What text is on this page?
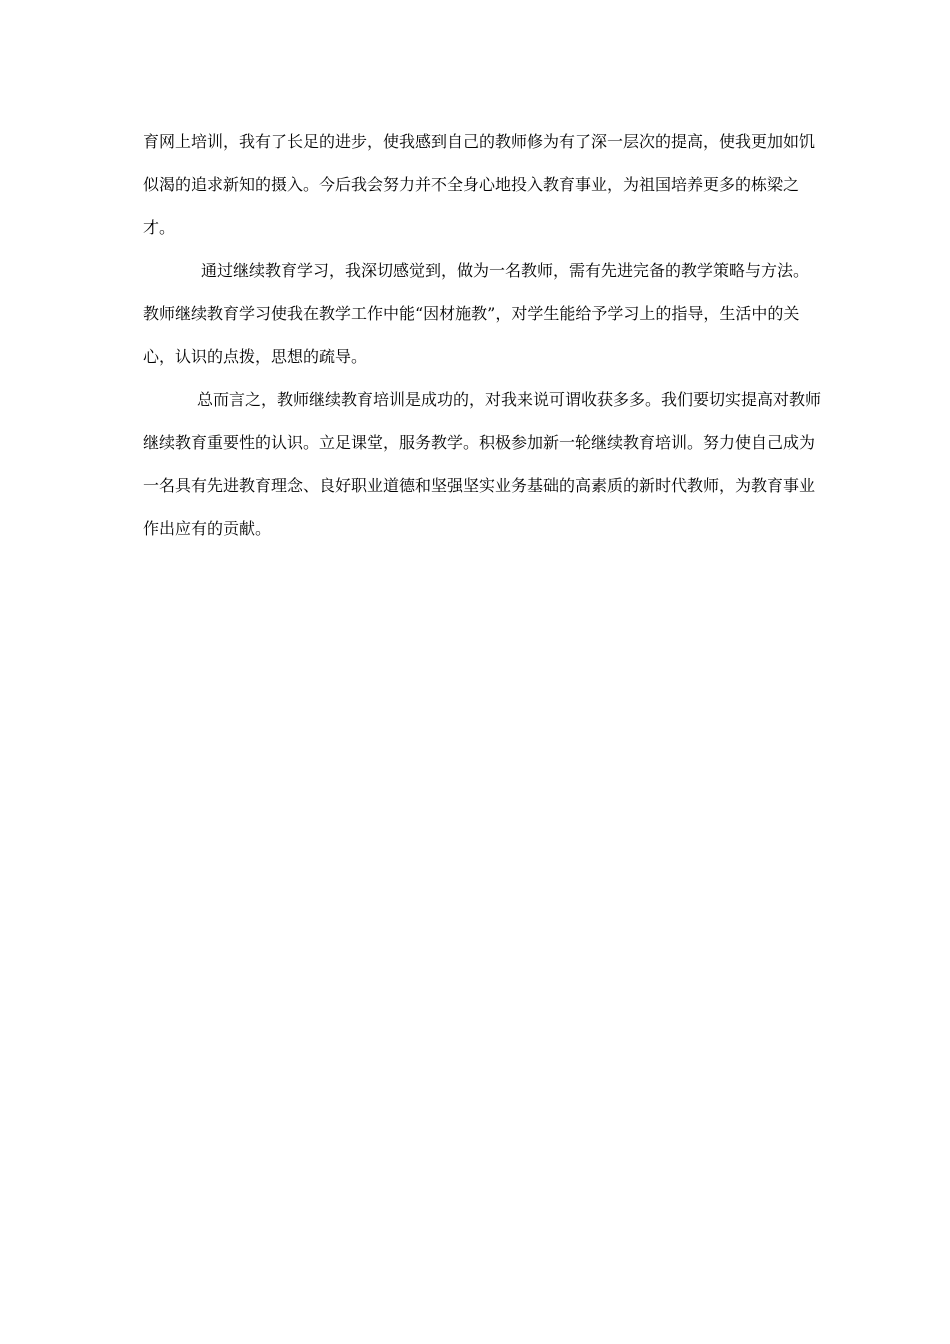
育网上培训，我有了长足的进步，使我感到自己的教师修为有了深一层次的提高，使我更加如饥似渴的追求新知的摄入。今后我会努力并不全身心地投入教育事业，为祖国培养更多的栋梁之才。

通过继续教育学习，我深切感觉到，做为一名教师，需有先进完备的教学策略与方法。教师继续教育学习使我在教学工作中能“因材施教”，对学生能给予学习上的指导，生活中的关心，认识的点拨，思想的疏导。

总而言之，教师继续教育培训是成功的，对我来说可谓收获多多。我们要切实提高对教师继续教育重要性的认识。立足课堂，服务教学。积极参加新一轮继续教育培训。努力使自己成为一名具有先进教育理念、良好职业道德和坚强坚实业务基础的高素质的新时代教师，为教育事业作出应有的贡献。
